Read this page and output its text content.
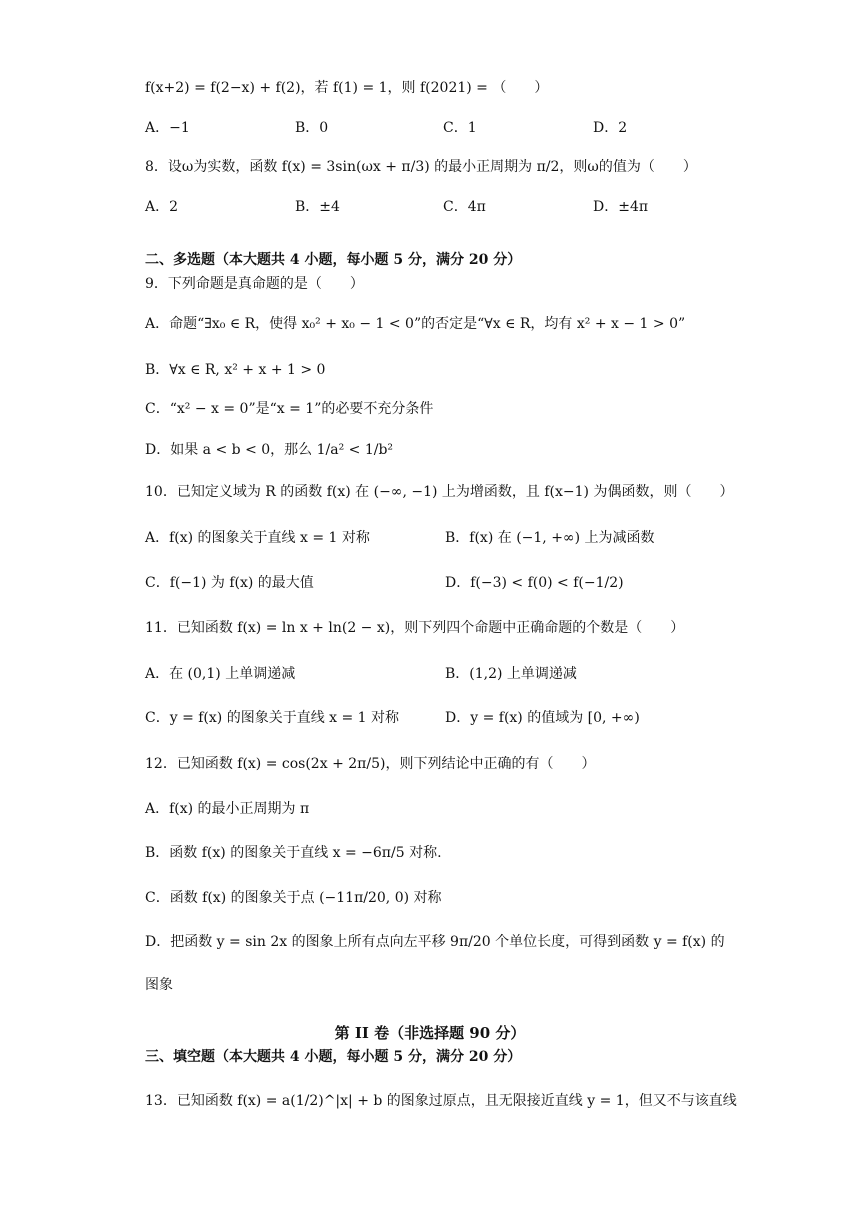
f(x+2) = f(2−x) + f(2)，若 f(1) = 1，则 f(2021) = （　　）
A．−1	B．0	C．1	D．2
8．设ω为实数，函数 f(x) = 3sin(ωx + π/3) 的最小正周期为 π/2，则ω的值为（　　）
A．2	B．±4	C．4π	D．±4π
二、多选题（本大题共 4 小题，每小题 5 分，满分 20 分）
9．下列命题是真命题的是（　　）
A．命题“∃x₀ ∈ R，使得 x₀² + x₀ − 1 < 0”的否定是“∀x ∈ R，均有 x² + x − 1 > 0”
B．∀x ∈ R, x² + x + 1 > 0
C．“x² − x = 0”是“x = 1”的必要不充分条件
D．如果 a < b < 0，那么 1/a² < 1/b²
10．已知定义域为 R 的函数 f(x) 在 (−∞, −1) 上为增函数，且 f(x−1) 为偶函数，则（　　）
A．f(x) 的图象关于直线 x = 1 对称	B．f(x) 在 (−1, +∞) 上为减函数
C．f(−1) 为 f(x) 的最大值	D．f(−3) < f(0) < f(−1/2)
11．已知函数 f(x) = ln x + ln(2 − x)，则下列四个命题中正确命题的个数是（　　）
A．在 (0,1) 上单调递减	B．(1,2) 上单调递减
C．y = f(x) 的图象关于直线 x = 1 对称	D．y = f(x) 的值域为 [0, +∞)
12．已知函数 f(x) = cos(2x + 2π/5)，则下列结论中正确的有（　　）
A．f(x) 的最小正周期为 π
B．函数 f(x) 的图象关于直线 x = −6π/5 对称.
C．函数 f(x) 的图象关于点 (−11π/20, 0) 对称
D．把函数 y = sin 2x 的图象上所有点向左平移 9π/20 个单位长度，可得到函数 y = f(x) 的
图象
第 II 卷（非选择题 90 分）
三、填空题（本大题共 4 小题，每小题 5 分，满分 20 分）
13．已知函数 f(x) = a(1/2)^|x| + b 的图象过原点，且无限接近直线 y = 1，但又不与该直线
